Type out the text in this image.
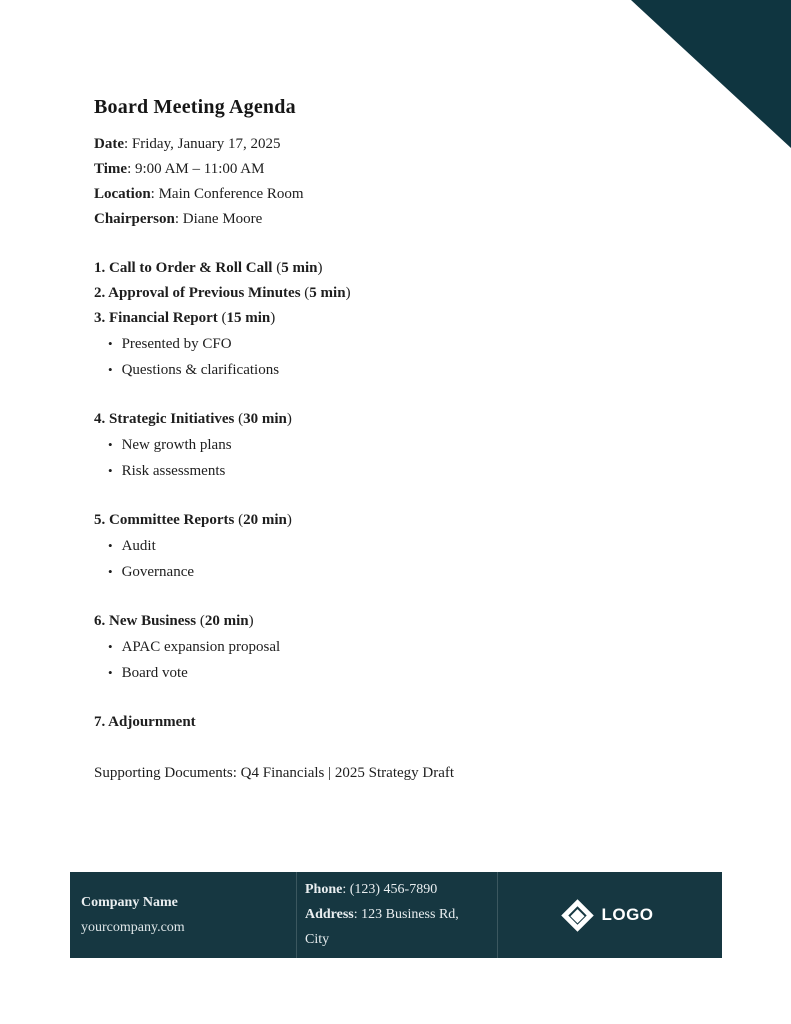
Board Meeting Agenda
Date: Friday, January 17, 2025
Time: 9:00 AM – 11:00 AM
Location: Main Conference Room
Chairperson: Diane Moore
1. Call to Order & Roll Call (5 min)
2. Approval of Previous Minutes (5 min)
3. Financial Report (15 min)
• Presented by CFO
• Questions & clarifications
4. Strategic Initiatives (30 min)
• New growth plans
• Risk assessments
5. Committee Reports (20 min)
• Audit
• Governance
6. New Business (20 min)
• APAC expansion proposal
• Board vote
7. Adjournment
Supporting Documents: Q4 Financials | 2025 Strategy Draft
Company Name
yourcompany.com
Phone: (123) 456-7890
Address: 123 Business Rd,
City
LOGO
